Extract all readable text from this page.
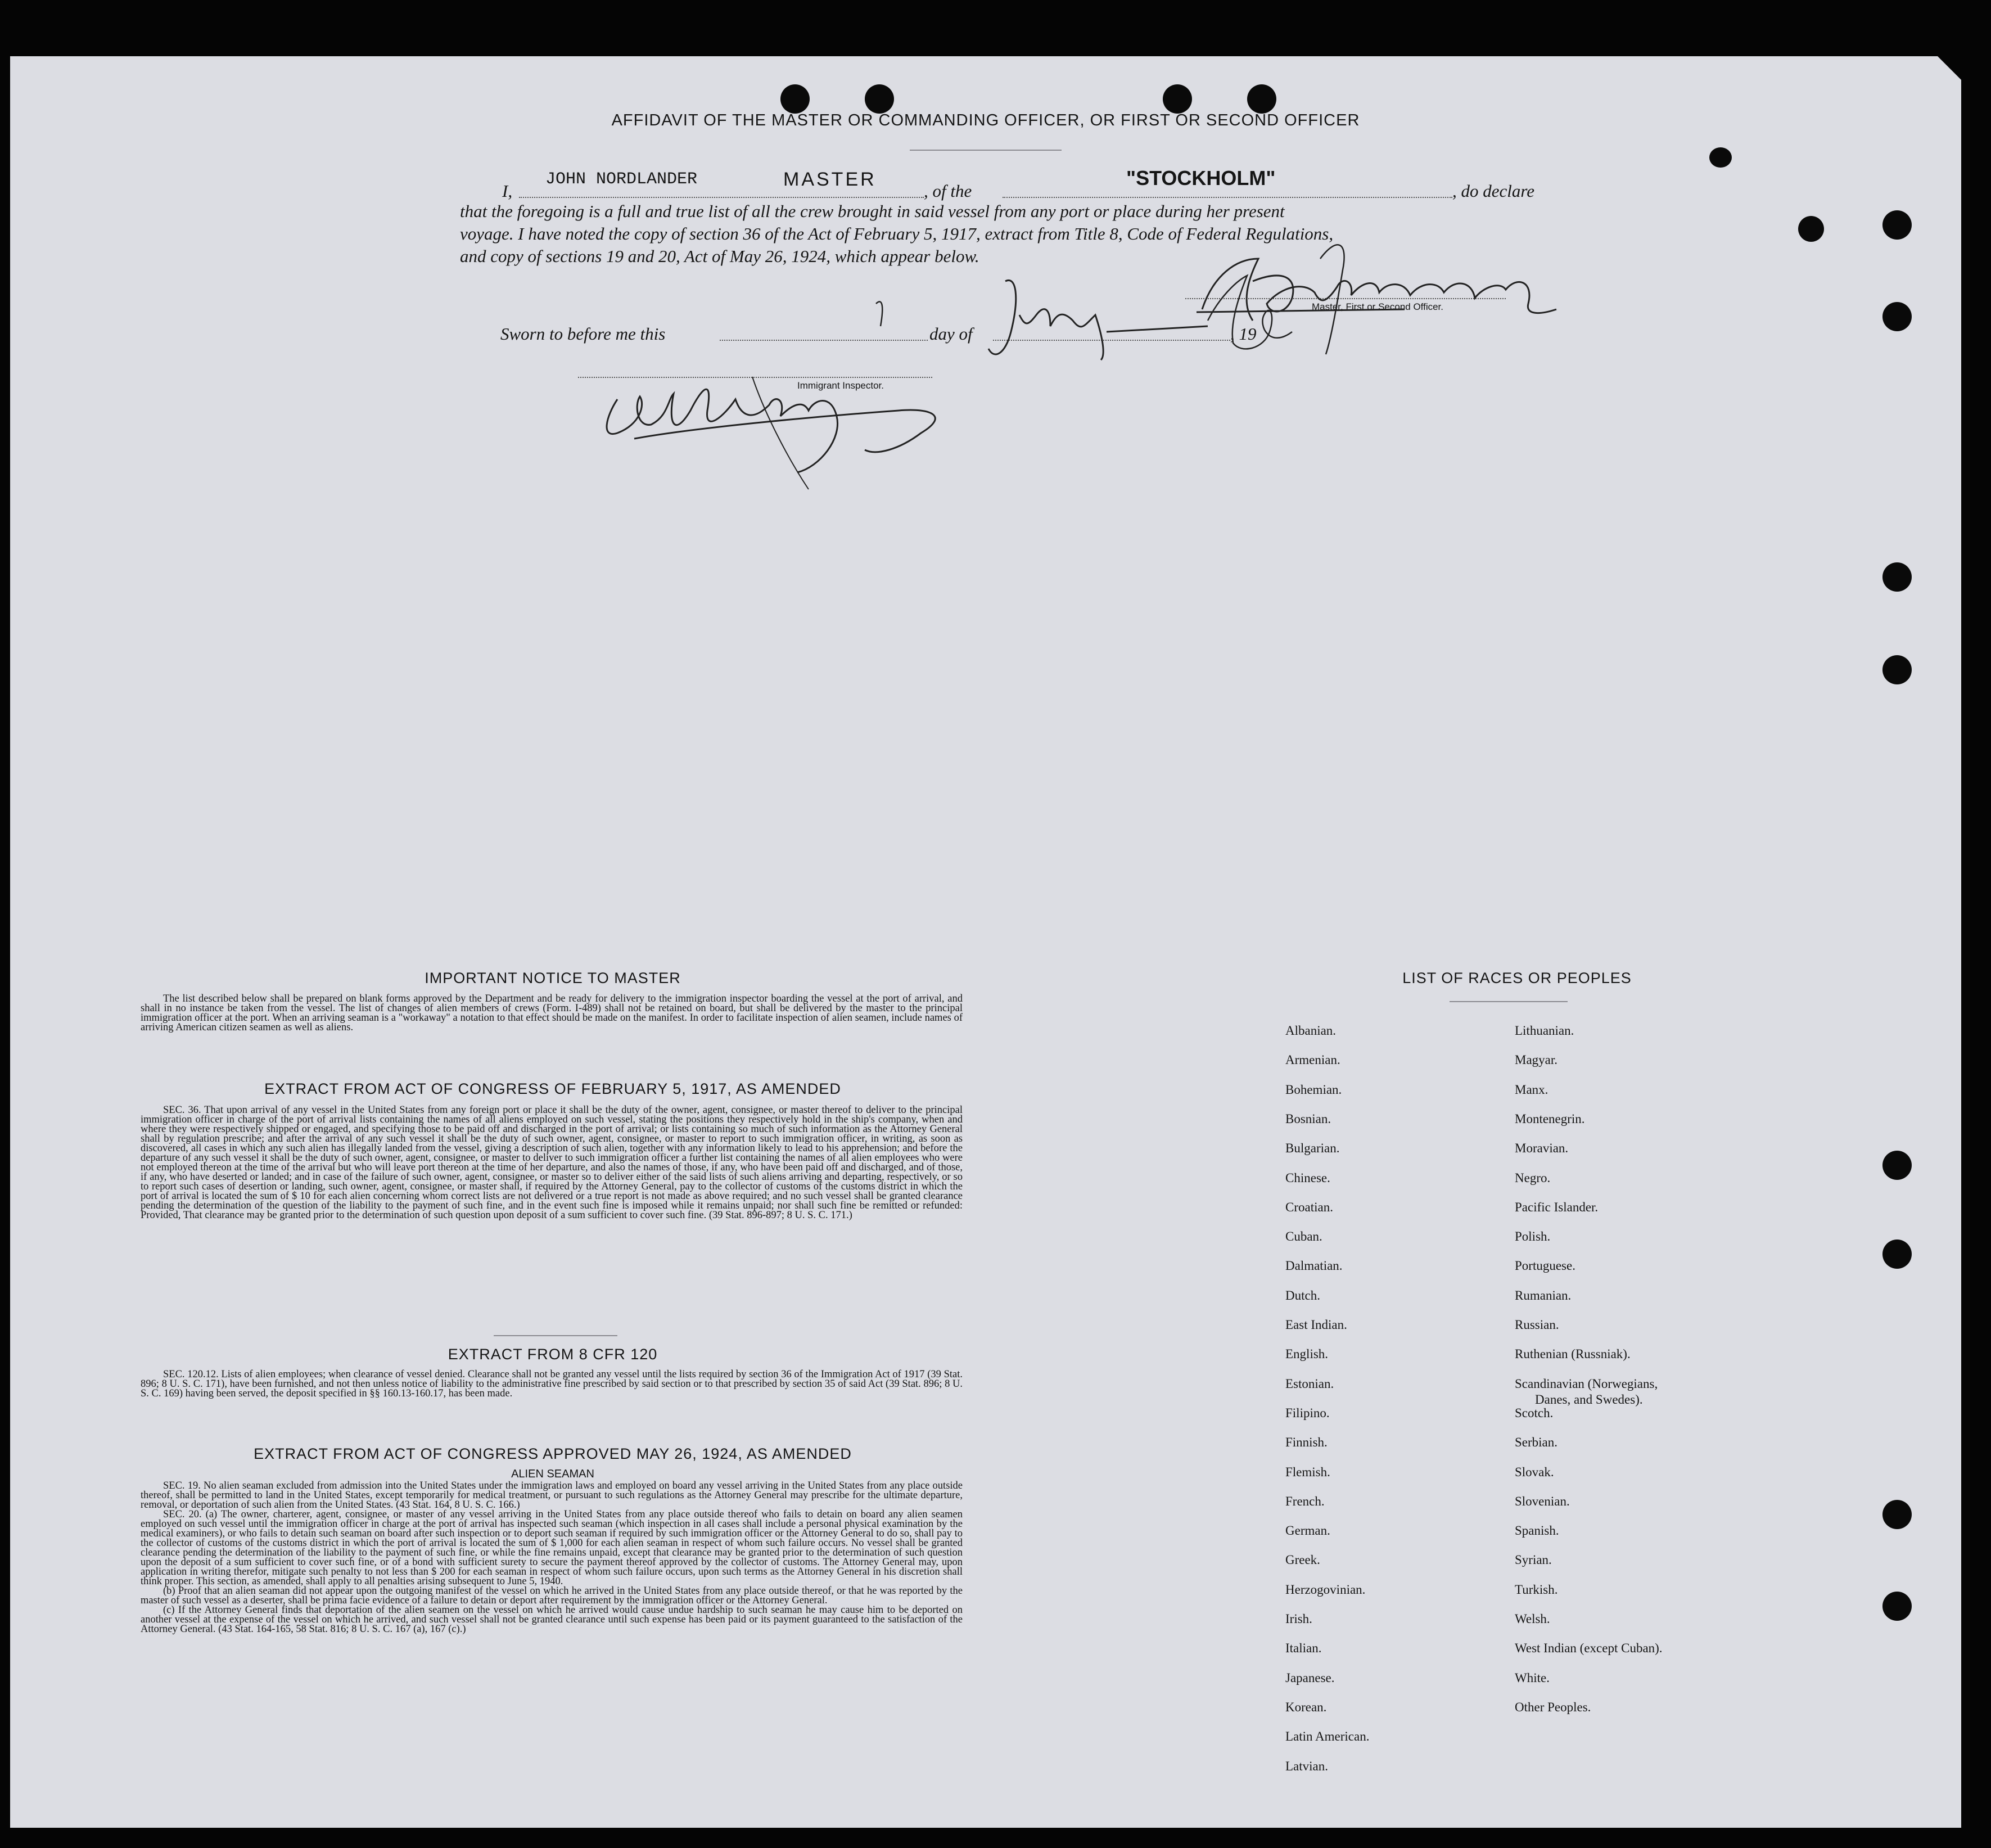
AFFIDAVIT OF THE MASTER OR COMMANDING OFFICER, OR FIRST OR SECOND OFFICER
I,
JOHN NORDLANDER	MASTER
, of the
"STOCKHOLM"
, do declare
that the foregoing is a full and true list of all the crew brought in said vessel from any port or place during her present
voyage. I have noted the copy of section 36 of the Act of February 5, 1917, extract from Title 8, Code of Federal Regulations,
and copy of sections 19 and 20, Act of May 26, 1924, which appear below.
Master, First or Second Officer.
Sworn to before me this	day of	, 19
Immigrant Inspector.
IMPORTANT NOTICE TO MASTER

The list described below shall be prepared on blank forms approved by the Department and be ready for delivery to the immigration inspector boarding the vessel at the port of arrival, and shall in no instance be taken from the vessel. The list of changes of alien members of crews (Form. I-489) shall not be retained on board, but shall be delivered by the master to the principal immigration officer at the port. When an arriving seaman is a "workaway" a notation to that effect should be made on the manifest. In order to facilitate inspection of alien seamen, include names of arriving American citizen seamen as well as aliens.

EXTRACT FROM ACT OF CONGRESS OF FEBRUARY 5, 1917, AS AMENDED

SEC. 36. That upon arrival of any vessel in the United States from any foreign port or place it shall be the duty of the owner, agent, consignee, or master thereof to deliver to the principal immigration officer in charge of the port of arrival lists containing the names of all aliens employed on such vessel, stating the positions they respectively hold in the ship's company, when and where they were respectively shipped or engaged, and specifying those to be paid off and discharged in the port of arrival; or lists containing so much of such information as the Attorney General shall by regulation prescribe; and after the arrival of any such vessel it shall be the duty of such owner, agent, consignee, or master to report to such immigration officer, in writing, as soon as discovered, all cases in which any such alien has illegally landed from the vessel, giving a description of such alien, together with any information likely to lead to his apprehension; and before the departure of any such vessel it shall be the duty of such owner, agent, consignee, or master to deliver to such immigration officer a further list containing the names of all alien employees who were not employed thereon at the time of the arrival but who will leave port thereon at the time of her departure, and also the names of those, if any, who have been paid off and discharged, and of those, if any, who have deserted or landed; and in case of the failure of such owner, agent, consignee, or master so to deliver either of the said lists of such aliens arriving and departing, respectively, or so to report such cases of desertion or landing, such owner, agent, consignee, or master shall, if required by the Attorney General, pay to the collector of customs of the customs district in which the port of arrival is located the sum of $ 10 for each alien concerning whom correct lists are not delivered or a true report is not made as above required; and no such vessel shall be granted clearance pending the determination of the question of the liability to the payment of such fine, and in the event such fine is imposed while it remains unpaid; nor shall such fine be remitted or refunded: Provided, That clearance may be granted prior to the determination of such question upon deposit of a sum sufficient to cover such fine. (39 Stat. 896-897; 8 U. S. C. 171.)

EXTRACT FROM 8 CFR 120

SEC. 120.12. Lists of alien employees; when clearance of vessel denied. Clearance shall not be granted any vessel until the lists required by section 36 of the Immigration Act of 1917 (39 Stat. 896; 8 U. S. C. 171), have been furnished, and not then unless notice of liability to the administrative fine prescribed by said section or to that prescribed by section 35 of said Act (39 Stat. 896; 8 U. S. C. 169) having been served, the deposit specified in §§ 160.13-160.17, has been made.

EXTRACT FROM ACT OF CONGRESS APPROVED MAY 26, 1924, AS AMENDED
ALIEN SEAMAN

SEC. 19. No alien seaman excluded from admission into the United States under the immigration laws and employed on board any vessel arriving in the United States from any place outside thereof, shall be permitted to land in the United States, except temporarily for medical treatment, or pursuant to such regulations as the Attorney General may prescribe for the ultimate departure, removal, or deportation of such alien from the United States. (43 Stat. 164, 8 U. S. C. 166.)

SEC. 20. (a) The owner, charterer, agent, consignee, or master of any vessel arriving in the United States from any place outside thereof who fails to detain on board any alien seamen employed on such vessel until the immigration officer in charge at the port of arrival has inspected such seaman (which inspection in all cases shall include a personal physical examination by the medical examiners), or who fails to detain such seaman on board after such inspection or to deport such seaman if required by such immigration officer or the Attorney General to do so, shall pay to the collector of customs of the customs district in which the port of arrival is located the sum of $ 1,000 for each alien seaman in respect of whom such failure occurs. No vessel shall be granted clearance pending the determination of the liability to the payment of such fine, or while the fine remains unpaid, except that clearance may be granted prior to the determination of such question upon the deposit of a sum sufficient to cover such fine, or of a bond with sufficient surety to secure the payment thereof approved by the collector of customs. The Attorney General may, upon application in writing therefor, mitigate such penalty to not less than $ 200 for each seaman in respect of whom such failure occurs, upon such terms as the Attorney General in his discretion shall think proper. This section, as amended, shall apply to all penalties arising subsequent to June 5, 1940.

(b) Proof that an alien seaman did not appear upon the outgoing manifest of the vessel on which he arrived in the United States from any place outside thereof, or that he was reported by the master of such vessel as a deserter, shall be prima facie evidence of a failure to detain or deport after requirement by the immigration officer or the Attorney General.

(c) If the Attorney General finds that deportation of the alien seamen on the vessel on which he arrived would cause undue hardship to such seaman he may cause him to be deported on another vessel at the expense of the vessel on which he arrived, and such vessel shall not be granted clearance until such expense has been paid or its payment guaranteed to the satisfaction of the Attorney General. (43 Stat. 164-165, 58 Stat. 816; 8 U. S. C. 167 (a), 167 (c).)

LIST OF RACES OR PEOPLES
Albanian.
Armenian.
Bohemian.
Bosnian.
Bulgarian.
Chinese.
Croatian.
Cuban.
Dalmatian.
Dutch.
East Indian.
English.
Estonian.
Filipino.
Finnish.
Flemish.
French.
German.
Greek.
Herzogovinian.
Irish.
Italian.
Japanese.
Korean.
Latin American.
Latvian.
Lithuanian.
Magyar.
Manx.
Montenegrin.
Moravian.
Negro.
Pacific Islander.
Polish.
Portuguese.
Rumanian.
Russian.
Ruthenian (Russniak).
Scandinavian (Norwegians,
Danes, and Swedes).
Scotch.
Serbian.
Slovak.
Slovenian.
Spanish.
Syrian.
Turkish.
Welsh.
West Indian (except Cuban).
White.
Other Peoples.
